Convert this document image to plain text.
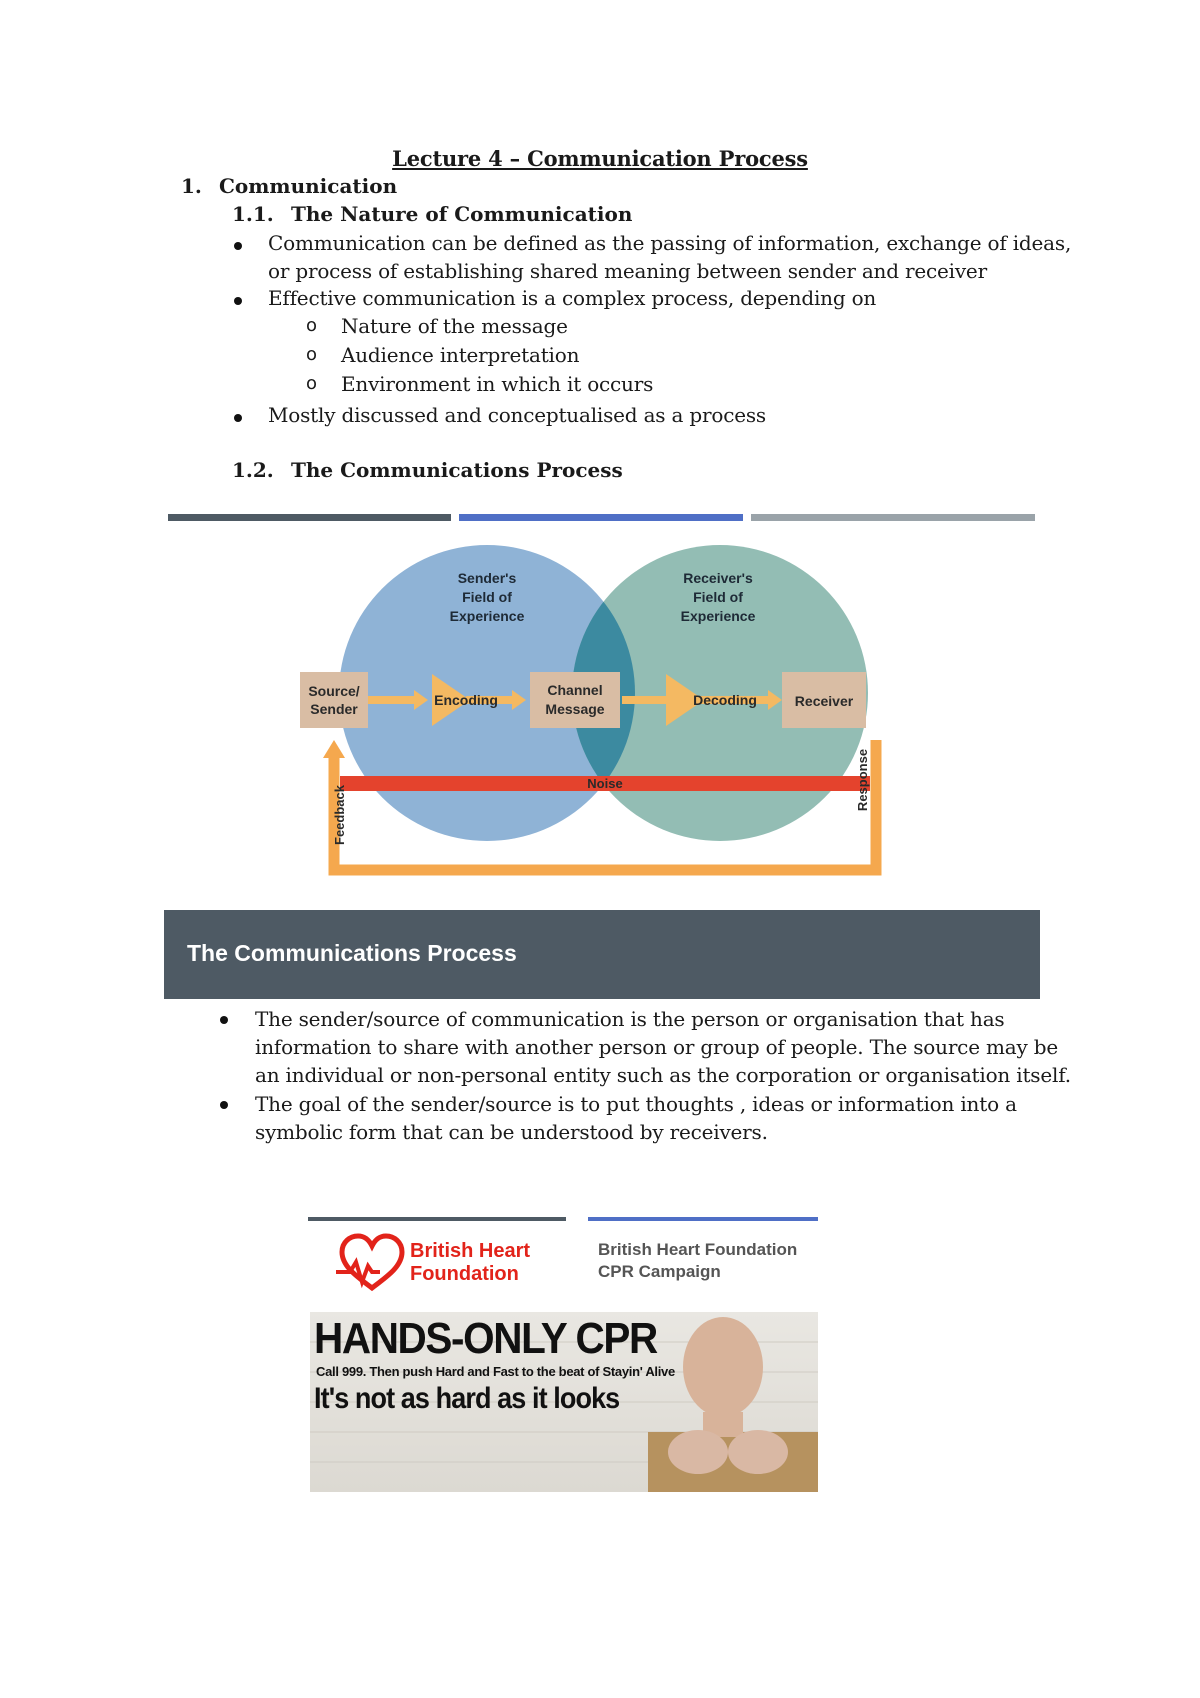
Lecture 4 – Communication Process
1. Communication
1.1. The Nature of Communication
Communication can be defined as the passing of information, exchange of ideas,
or process of establishing shared meaning between sender and receiver
Effective communication is a complex process, depending on
o Nature of the message
o Audience interpretation
o Environment in which it occurs
Mostly discussed and conceptualised as a process
1.2. The Communications Process
Sender's
Field of
Experience
Receiver's
Field of
Experience
Source/
Sender
Encoding
Channel
Message
Decoding	Receiver
Noise
Feedback
Response
The Communications Process
The sender/source of communication is the person or organisation that has
information to share with another person or group of people. The source may be
an individual or non-personal entity such as the corporation or organisation itself.
The goal of the sender/source is to put thoughts , ideas or information into a
symbolic form that can be understood by receivers.
British Heart
Foundation
British Heart Foundation
CPR Campaign
HANDS-ONLY CPR
Call 999. Then push Hard and Fast to the beat of Stayin' Alive
It's not as hard as it looks
